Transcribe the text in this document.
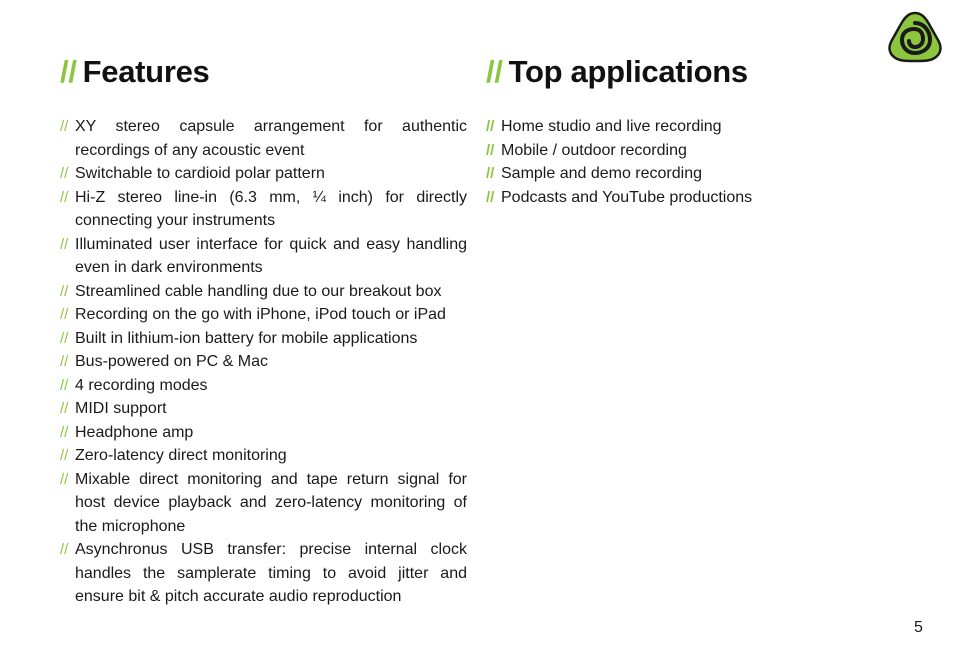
// Features
// XY stereo capsule arrangement for authentic recordings of any acoustic event
// Switchable to cardioid polar pattern
// Hi-Z stereo line-in (6.3 mm, ¼ inch) for directly connecting your instruments
// Illuminated user interface for quick and easy handling even in dark environments
// Streamlined cable handling due to our breakout box
// Recording on the go with iPhone, iPod touch or iPad
// Built in lithium-ion battery for mobile applications
// Bus-powered on PC & Mac
// 4 recording modes
// MIDI support
// Headphone amp
// Zero-latency direct monitoring
// Mixable direct monitoring and tape return signal for host device playback and zero-latency monitoring of the microphone
// Asynchronus USB transfer: precise internal clock handles the samplerate timing to avoid jitter and ensure bit & pitch accurate audio reproduction
// Top applications
// Home studio and live recording
// Mobile / outdoor recording
// Sample and demo recording
// Podcasts and YouTube productions
5
